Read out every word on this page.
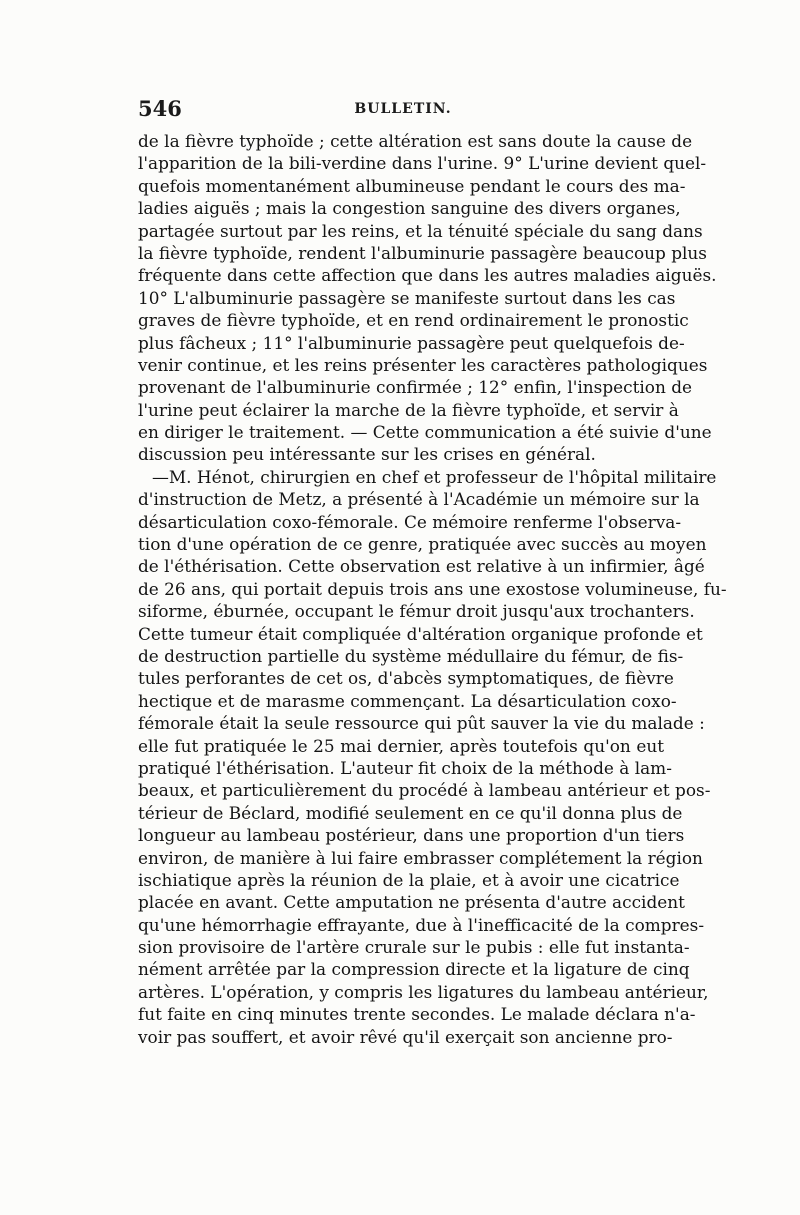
546	BULLETIN.
de la fièvre typhoïde ; cette altération est sans doute la cause de
l'apparition de la bili-verdine dans l'urine. 9° L'urine devient quel-
quefois momentanément albumineuse pendant le cours des ma-
ladies aiguës ; mais la congestion sanguine des divers organes,
partagée surtout par les reins, et la ténuité spéciale du sang dans
la fièvre typhoïde, rendent l'albuminurie passagère beaucoup plus
fréquente dans cette affection que dans les autres maladies aiguës.
10° L'albuminurie passagère se manifeste surtout dans les cas
graves de fièvre typhoïde, et en rend ordinairement le pronostic
plus fâcheux ; 11° l'albuminurie passagère peut quelquefois de-
venir continue, et les reins présenter les caractères pathologiques
provenant de l'albuminurie confirmée ; 12° enfin, l'inspection de
l'urine peut éclairer la marche de la fièvre typhoïde, et servir à
en diriger le traitement. — Cette communication a été suivie d'une
discussion peu intéressante sur les crises en général.
—M. Hénot, chirurgien en chef et professeur de l'hôpital militaire
d'instruction de Metz, a présenté à l'Académie un mémoire sur la
désarticulation coxo-fémorale. Ce mémoire renferme l'observa-
tion d'une opération de ce genre, pratiquée avec succès au moyen
de l'éthérisation. Cette observation est relative à un infirmier, âgé
de 26 ans, qui portait depuis trois ans une exostose volumineuse, fu-
siforme, éburnée, occupant le fémur droit jusqu'aux trochanters.
Cette tumeur était compliquée d'altération organique profonde et
de destruction partielle du système médullaire du fémur, de fis-
tules perforantes de cet os, d'abcès symptomatiques, de fièvre
hectique et de marasme commençant. La désarticulation coxo-
fémorale était la seule ressource qui pût sauver la vie du malade :
elle fut pratiquée le 25 mai dernier, après toutefois qu'on eut
pratiqué l'éthérisation. L'auteur fit choix de la méthode à lam-
beaux, et particulièrement du procédé à lambeau antérieur et pos-
térieur de Béclard, modifié seulement en ce qu'il donna plus de
longueur au lambeau postérieur, dans une proportion d'un tiers
environ, de manière à lui faire embrasser complétement la région
ischiatique après la réunion de la plaie, et à avoir une cicatrice
placée en avant. Cette amputation ne présenta d'autre accident
qu'une hémorrhagie effrayante, due à l'inefficacité de la compres-
sion provisoire de l'artère crurale sur le pubis : elle fut instanta-
nément arrêtée par la compression directe et la ligature de cinq
artères. L'opération, y compris les ligatures du lambeau antérieur,
fut faite en cinq minutes trente secondes. Le malade déclara n'a-
voir pas souffert, et avoir rêvé qu'il exerçait son ancienne pro-
